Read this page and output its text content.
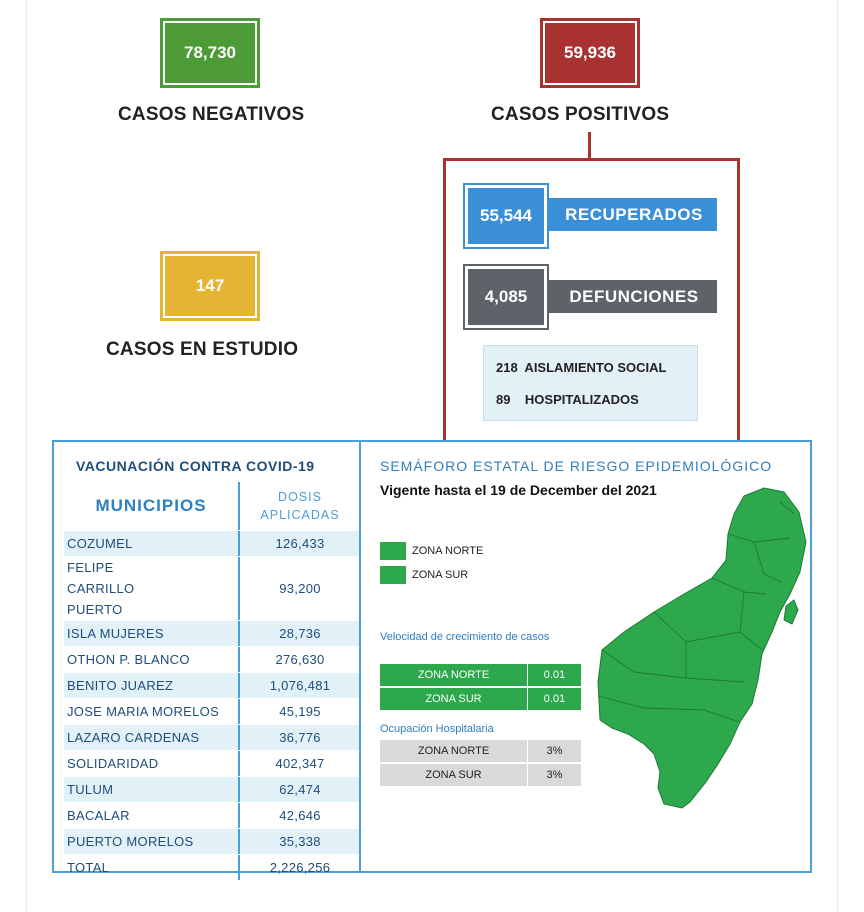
78,730
CASOS NEGATIVOS
59,936
CASOS POSITIVOS
147
CASOS EN ESTUDIO
RECUPERADOS
55,544
DEFUNCIONES
4,085
218  AISLAMIENTO SOCIAL
89    HOSPITALIZADOS
VACUNACIÓN CONTRA COVID-19
MUNICIPIOS	DOSIS
APLICADAS
COZUMEL	126,433
FELIPE CARRILLO PUERTO
93,200
ISLA MUJERES	28,736
OTHON P. BLANCO	276,630
BENITO JUAREZ	1,076,481
JOSE MARIA MORELOS	45,195
LAZARO CARDENAS	36,776
SOLIDARIDAD	402,347
TULUM	62,474
BACALAR	42,646
PUERTO MORELOS	35,338
TOTAL	2,226,256
SEMÁFORO ESTATAL DE RIESGO EPIDEMIOLÓGICO
Vigente hasta el 19 de December del 2021
ZONA NORTE
ZONA SUR
Velocidad de crecimiento de casos
ZONA NORTE	0.01
ZONA SUR	0.01
Ocupación Hospitalaria
ZONA NORTE	3%
ZONA SUR	3%
